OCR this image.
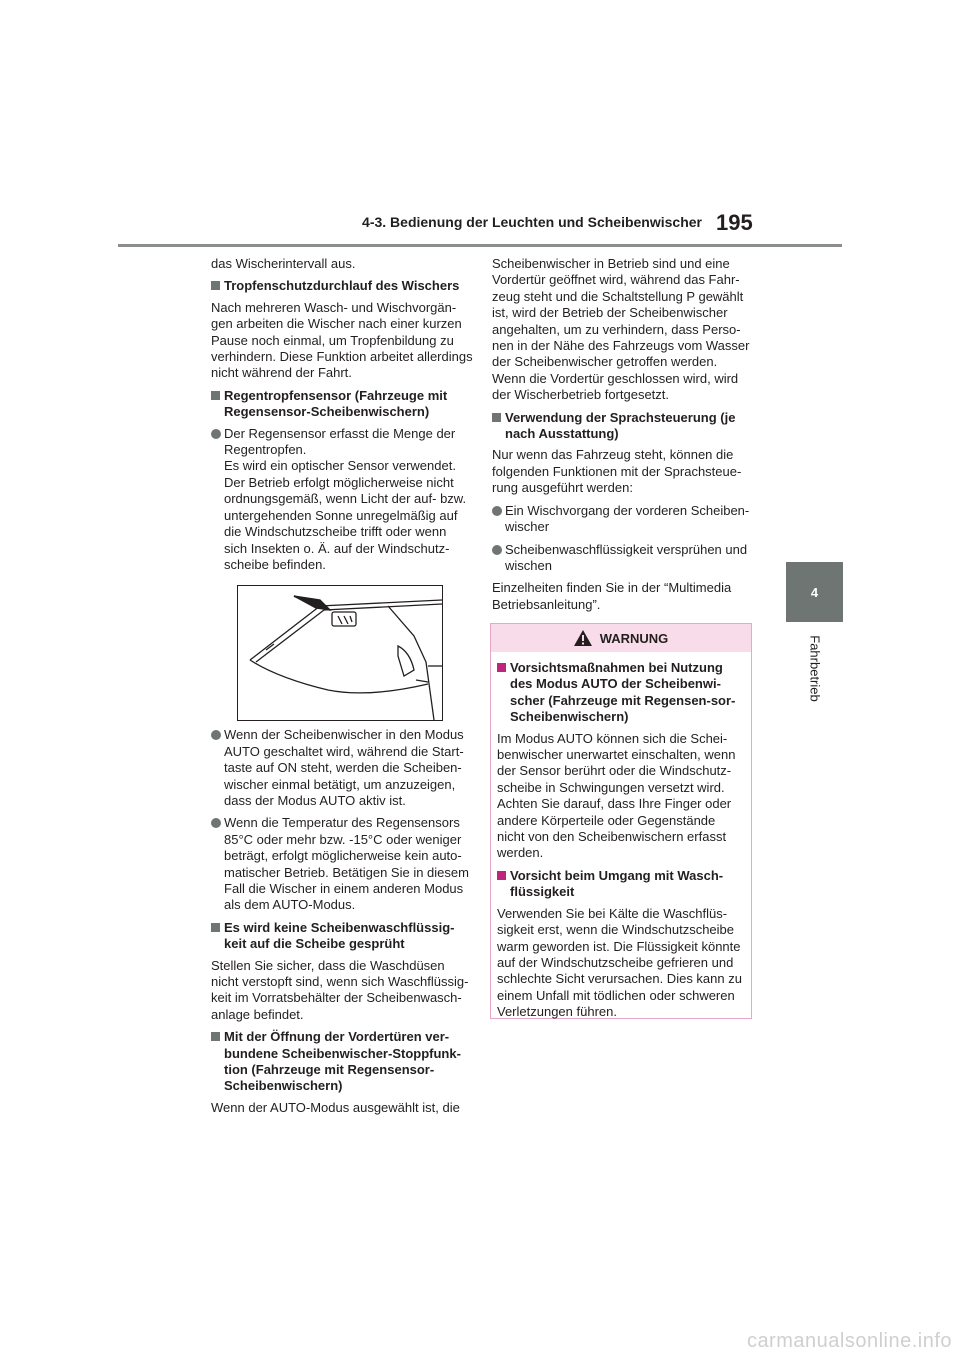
4-3. Bedienung der Leuchten und Scheibenwischer 195
4
Fahrbetrieb

das Wischerintervall aus.

Tropfenschutzdurchlauf des Wischers

Nach mehreren Wasch- und Wischvorgän-gen arbeiten die Wischer nach einer kurzen Pause noch einmal, um Tropfenbildung zu verhindern. Diese Funktion arbeitet allerdings nicht während der Fahrt.

Regentropfensensor (Fahrzeuge mit Regensensor-Scheibenwischern)
Der Regensensor erfasst die Menge der Regentropfen.
Es wird ein optischer Sensor verwendet. Der Betrieb erfolgt möglicherweise nicht ordnungsgemäß, wenn Licht der auf- bzw. untergehenden Sonne unregelmäßig auf die Windschutzscheibe trifft oder wenn sich Insekten o. Ä. auf der Windschutz-scheibe befinden.
Wenn der Scheibenwischer in den Modus AUTO geschaltet wird, während die Start-taste auf ON steht, werden die Scheiben-wischer einmal betätigt, um anzuzeigen, dass der Modus AUTO aktiv ist.
Wenn die Temperatur des Regensensors 85°C oder mehr bzw. -15°C oder weniger beträgt, erfolgt möglicherweise kein auto-matischer Betrieb. Betätigen Sie in diesem Fall die Wischer in einem anderen Modus als dem AUTO-Modus.
Es wird keine Scheibenwaschflüssig-keit auf die Scheibe gesprüht

Stellen Sie sicher, dass die Waschdüsen nicht verstopft sind, wenn sich Waschflüssig-keit im Vorratsbehälter der Scheibenwasch-anlage befindet.

Mit der Öffnung der Vordertüren ver-bundene Scheibenwischer-Stoppfunk-tion (Fahrzeuge mit Regensensor-Scheibenwischern)

Wenn der AUTO-Modus ausgewählt ist, die

Scheibenwischer in Betrieb sind und eine Vordertür geöffnet wird, während das Fahr-zeug steht und die Schaltstellung P gewählt ist, wird der Betrieb der Scheibenwischer angehalten, um zu verhindern, dass Perso-nen in der Nähe des Fahrzeugs vom Wasser der Scheibenwischer getroffen werden. Wenn die Vordertür geschlossen wird, wird der Wischerbetrieb fortgesetzt.

Verwendung der Sprachsteuerung (je nach Ausstattung)

Nur wenn das Fahrzeug steht, können die folgenden Funktionen mit der Sprachsteue-rung ausgeführt werden:

Ein Wischvorgang der vorderen Scheiben-wischer
Scheibenwaschflüssigkeit versprühen und wischen

Einzelheiten finden Sie in der “Multimedia Betriebsanleitung”.

WARNUNG
Vorsichtsmaßnahmen bei Nutzung des Modus AUTO der Scheibenwi-scher (Fahrzeuge mit Regensen-sor-Scheibenwischern)

Im Modus AUTO können sich die Schei-benwischer unerwartet einschalten, wenn der Sensor berührt oder die Windschutz-scheibe in Schwingungen versetzt wird. Achten Sie darauf, dass Ihre Finger oder andere Körperteile oder Gegenstände nicht von den Scheibenwischern erfasst werden.

Vorsicht beim Umgang mit Wasch-flüssigkeit

Verwenden Sie bei Kälte die Waschflüs-sigkeit erst, wenn die Windschutzscheibe warm geworden ist. Die Flüssigkeit könnte auf der Windschutzscheibe gefrieren und schlechte Sicht verursachen. Dies kann zu einem Unfall mit tödlichen oder schweren Verletzungen führen.

carmanualsonline.info
